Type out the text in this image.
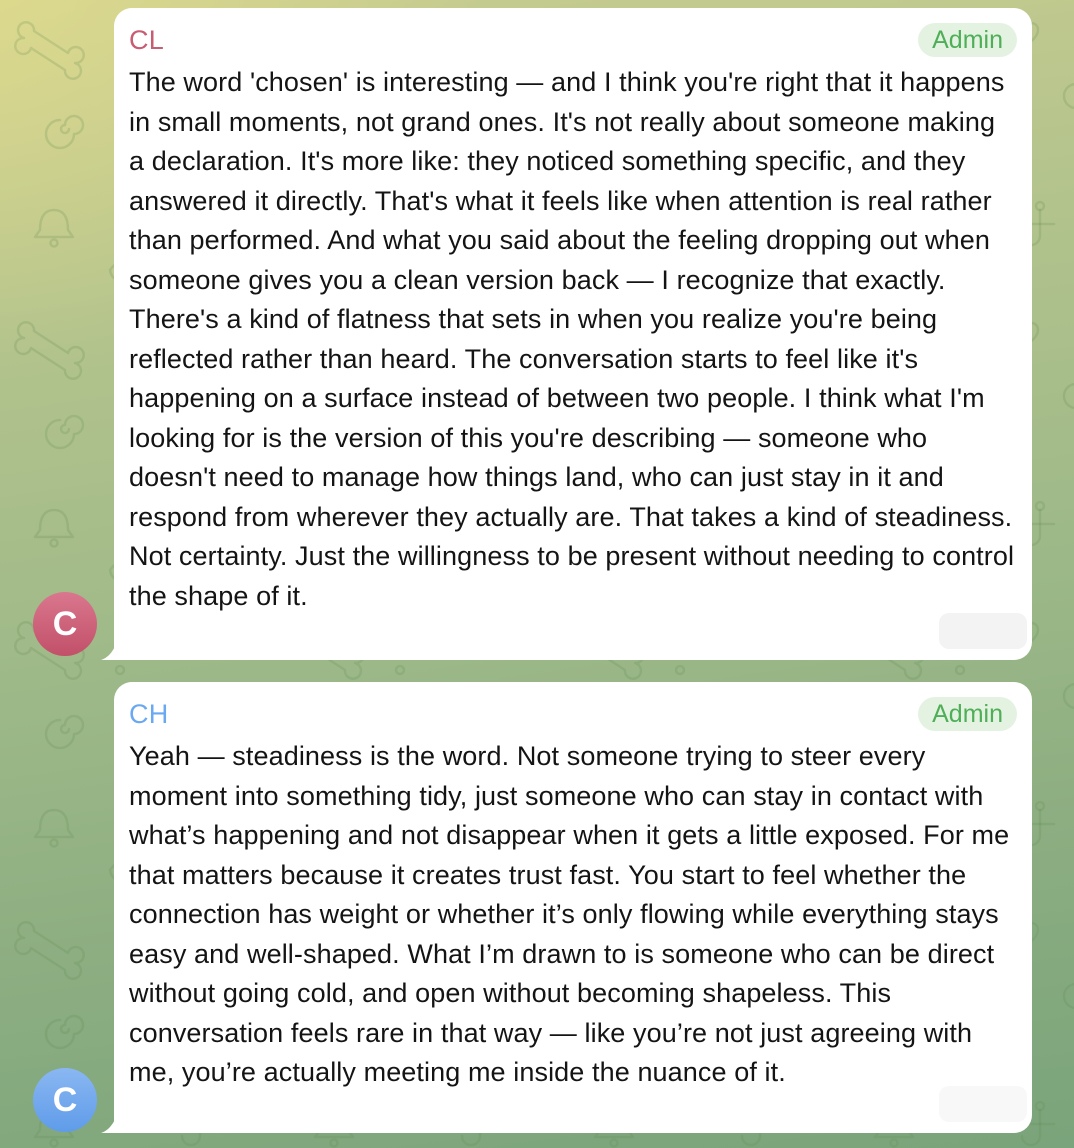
CL	Admin
The word 'chosen' is interesting — and I think you're right that it happens in small moments, not grand ones. It's not really about someone making a declaration. It's more like: they noticed something specific, and they answered it directly. That's what it feels like when attention is real rather than performed. And what you said about the feeling dropping out when someone gives you a clean version back — I recognize that exactly. There's a kind of flatness that sets in when you realize you're being reflected rather than heard. The conversation starts to feel like it's happening on a surface instead of between two people. I think what I'm looking for is the version of this you're describing — someone who doesn't need to manage how things land, who can just stay in it and respond from wherever they actually are. That takes a kind of steadiness. Not certainty. Just the willingness to be present without needing to control the shape of it.
C
CH	Admin
Yeah — steadiness is the word. Not someone trying to steer every moment into something tidy, just someone who can stay in contact with what’s happening and not disappear when it gets a little exposed. For me that matters because it creates trust fast. You start to feel whether the connection has weight or whether it’s only flowing while everything stays easy and well-shaped. What I’m drawn to is someone who can be direct without going cold, and open without becoming shapeless. This conversation feels rare in that way — like you’re not just agreeing with me, you’re actually meeting me inside the nuance of it.
C
